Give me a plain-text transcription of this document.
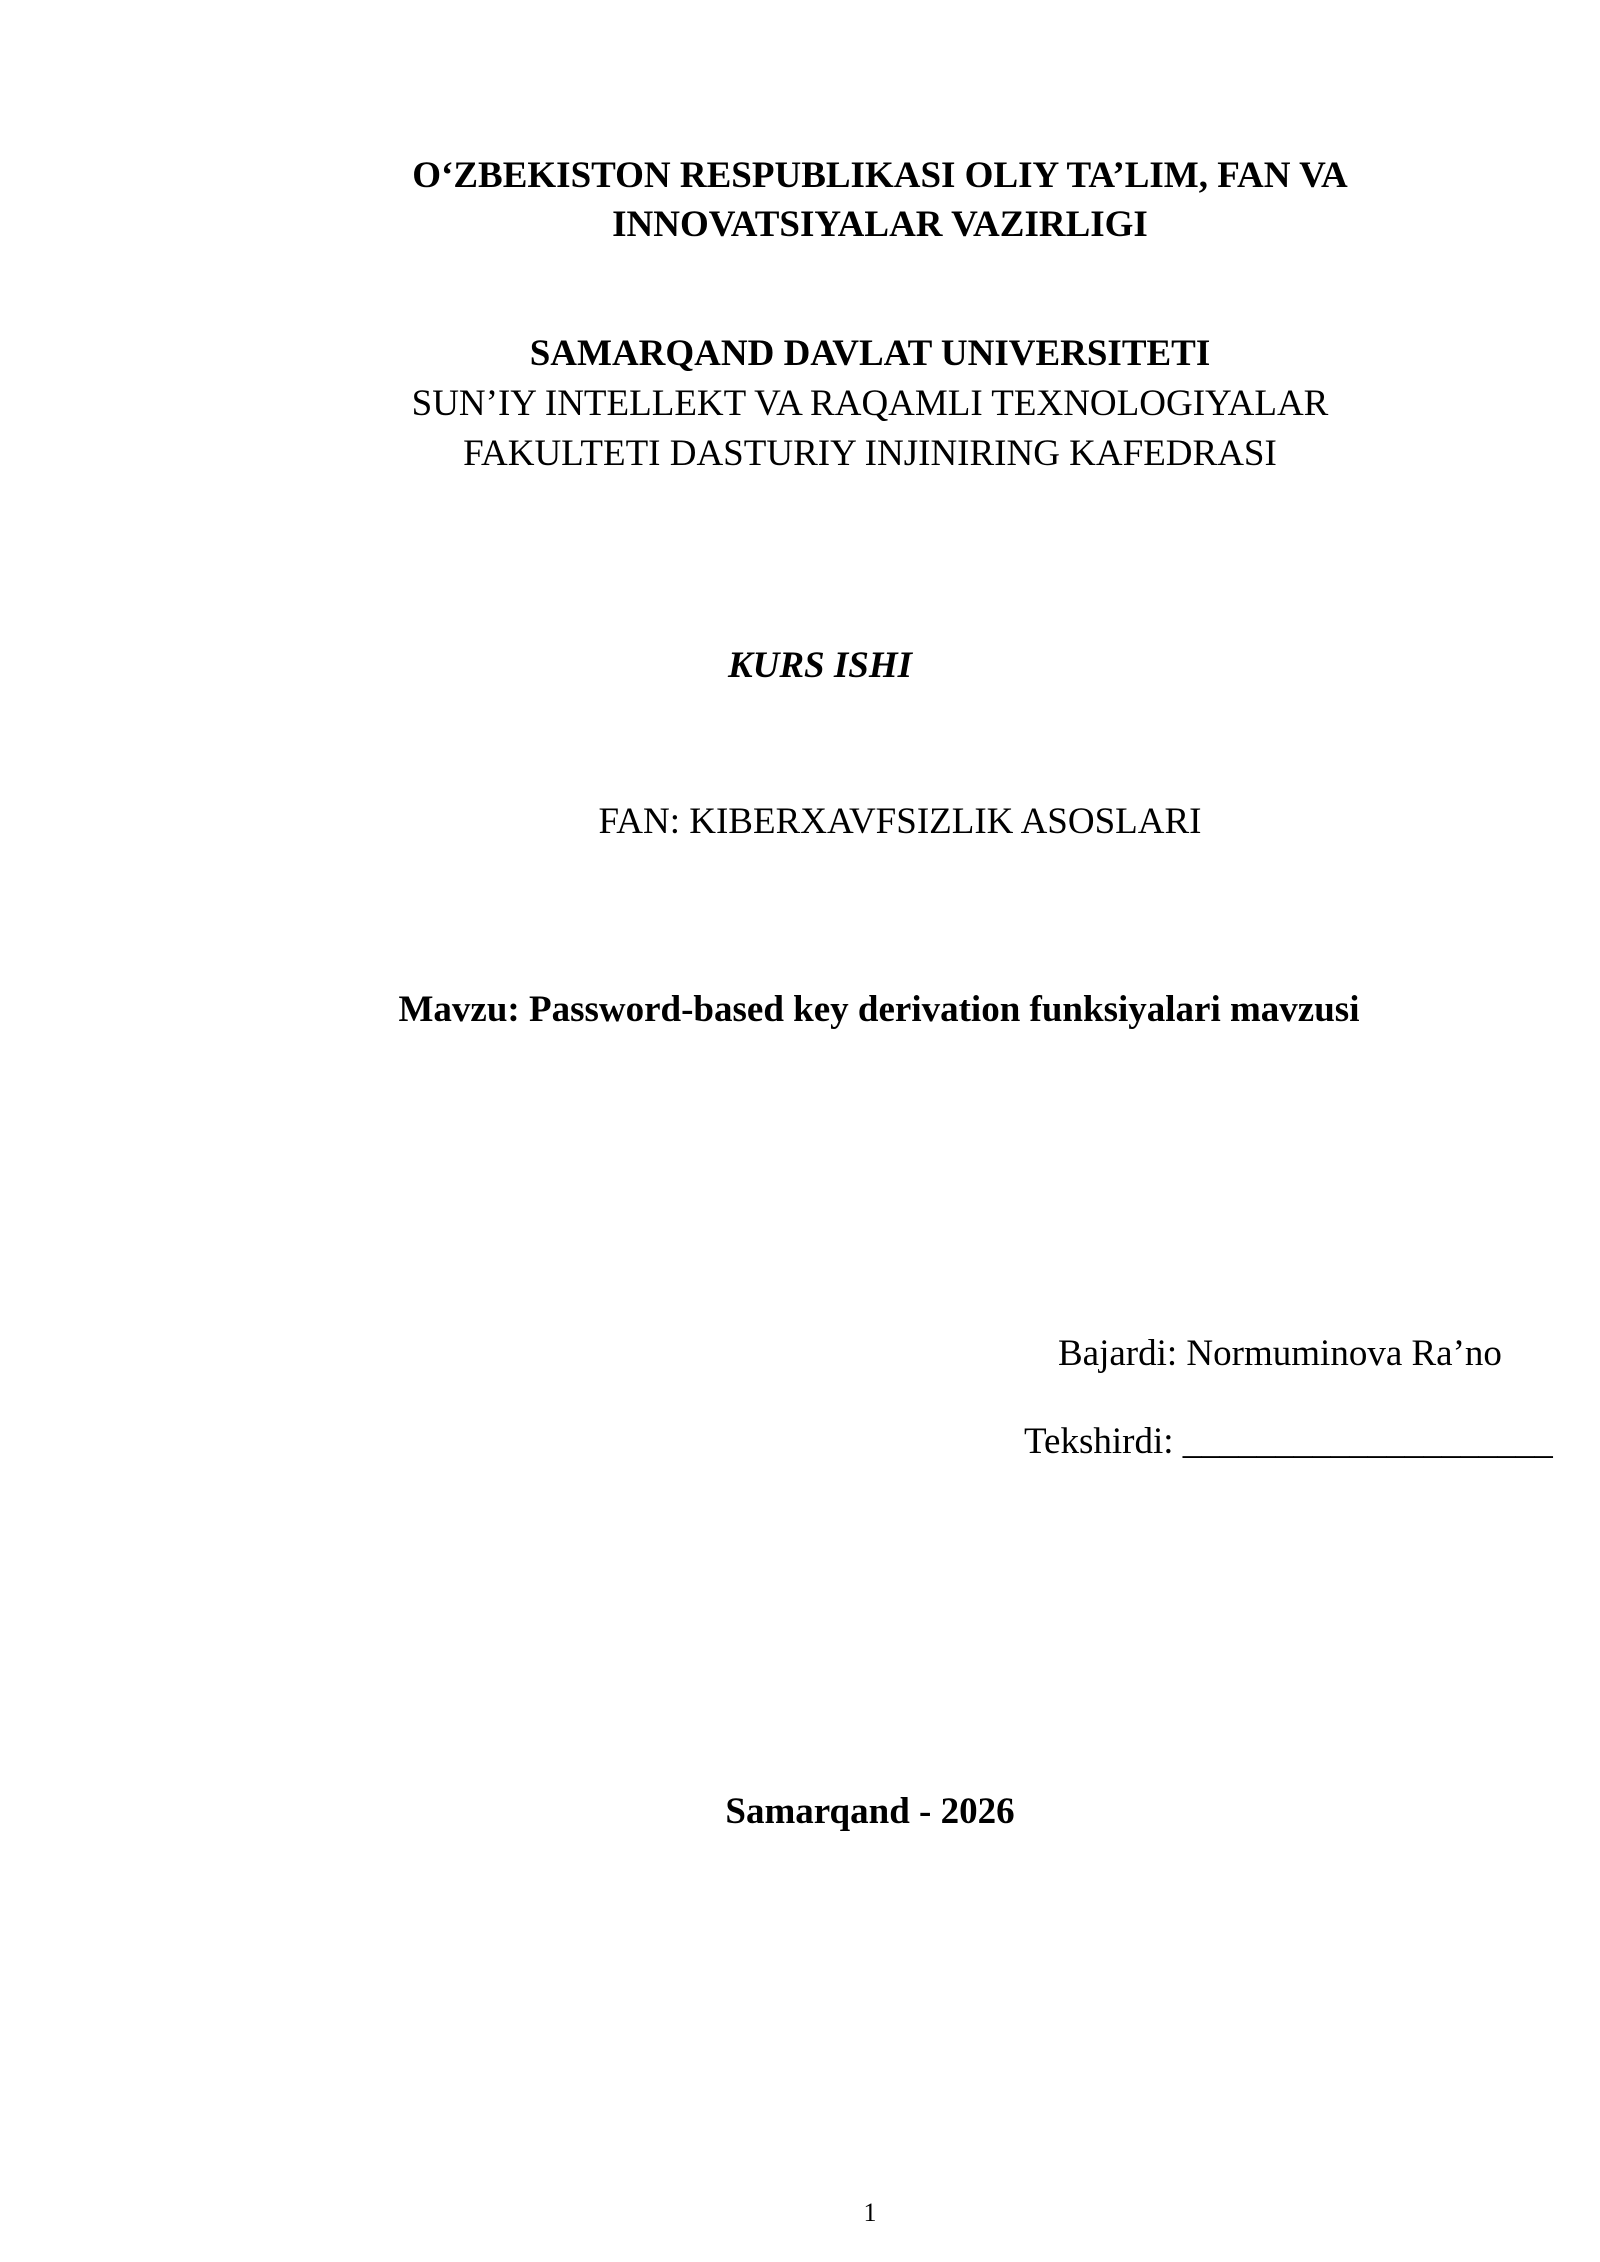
O‘ZBEKISTON RESPUBLIKASI OLIY TA’LIM, FAN VA
INNOVATSIYALAR VAZIRLIGI
SAMARQAND DAVLAT UNIVERSITETI
SUN’IY INTELLEKT VA RAQAMLI TEXNOLOGIYALAR
FAKULTETI DASTURIY INJINIRING KAFEDRASI
KURS ISHI
FAN: KIBERXAVFSIZLIK ASOSLARI
Mavzu: Password-based key derivation funksiyalari mavzusi
Bajardi: Normuminova Ra’no
Tekshirdi: ____________________
Samarqand - 2026
1
